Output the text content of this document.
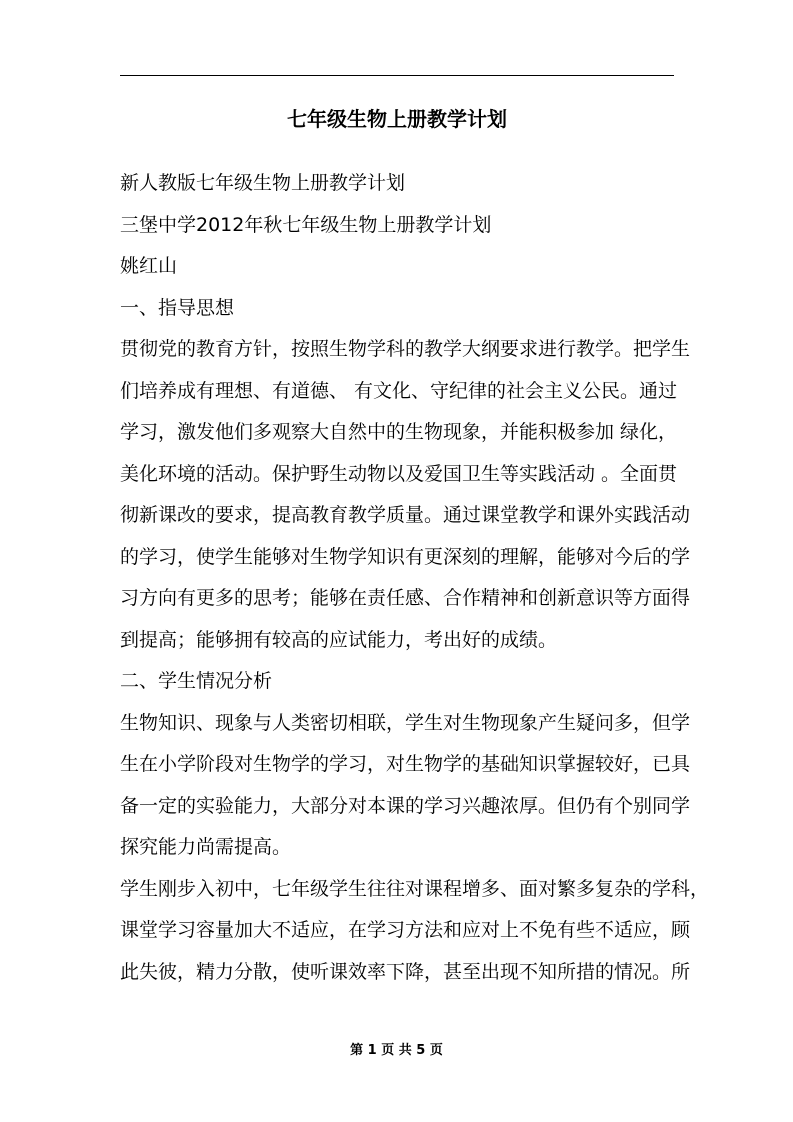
七年级生物上册教学计划

新人教版七年级生物上册教学计划

三堡中学2012年秋七年级生物上册教学计划

姚红山

一、指导思想

贯彻党的教育方针，按照生物学科的教学大纲要求进行教学。把学生

们培养成有理想、有道德、 有文化、守纪律的社会主义公民。通过

学习，激发他们多观察大自然中的生物现象，并能积极参加 绿化，

美化环境的活动。保护野生动物以及爱国卫生等实践活动 。全面贯

彻新课改的要求，提高教育教学质量。通过课堂教学和课外实践活动

的学习，使学生能够对生物学知识有更深刻的理解，能够对今后的学

习方向有更多的思考；能够在责任感、合作精神和创新意识等方面得

到提高；能够拥有较高的应试能力，考出好的成绩。

二、学生情况分析

生物知识、现象与人类密切相联，学生对生物现象产生疑问多，但学

生在小学阶段对生物学的学习，对生物学的基础知识掌握较好，已具

备一定的实验能力，大部分对本课的学习兴趣浓厚。但仍有个别同学

探究能力尚需提高。

学生刚步入初中，七年级学生往往对课程增多、面对繁多复杂的学科，

课堂学习容量加大不适应，在学习方法和应对上不免有些不适应，顾

此失彼，精力分散，使听课效率下降，甚至出现不知所措的情况。所

第 1 页 共 5 页
